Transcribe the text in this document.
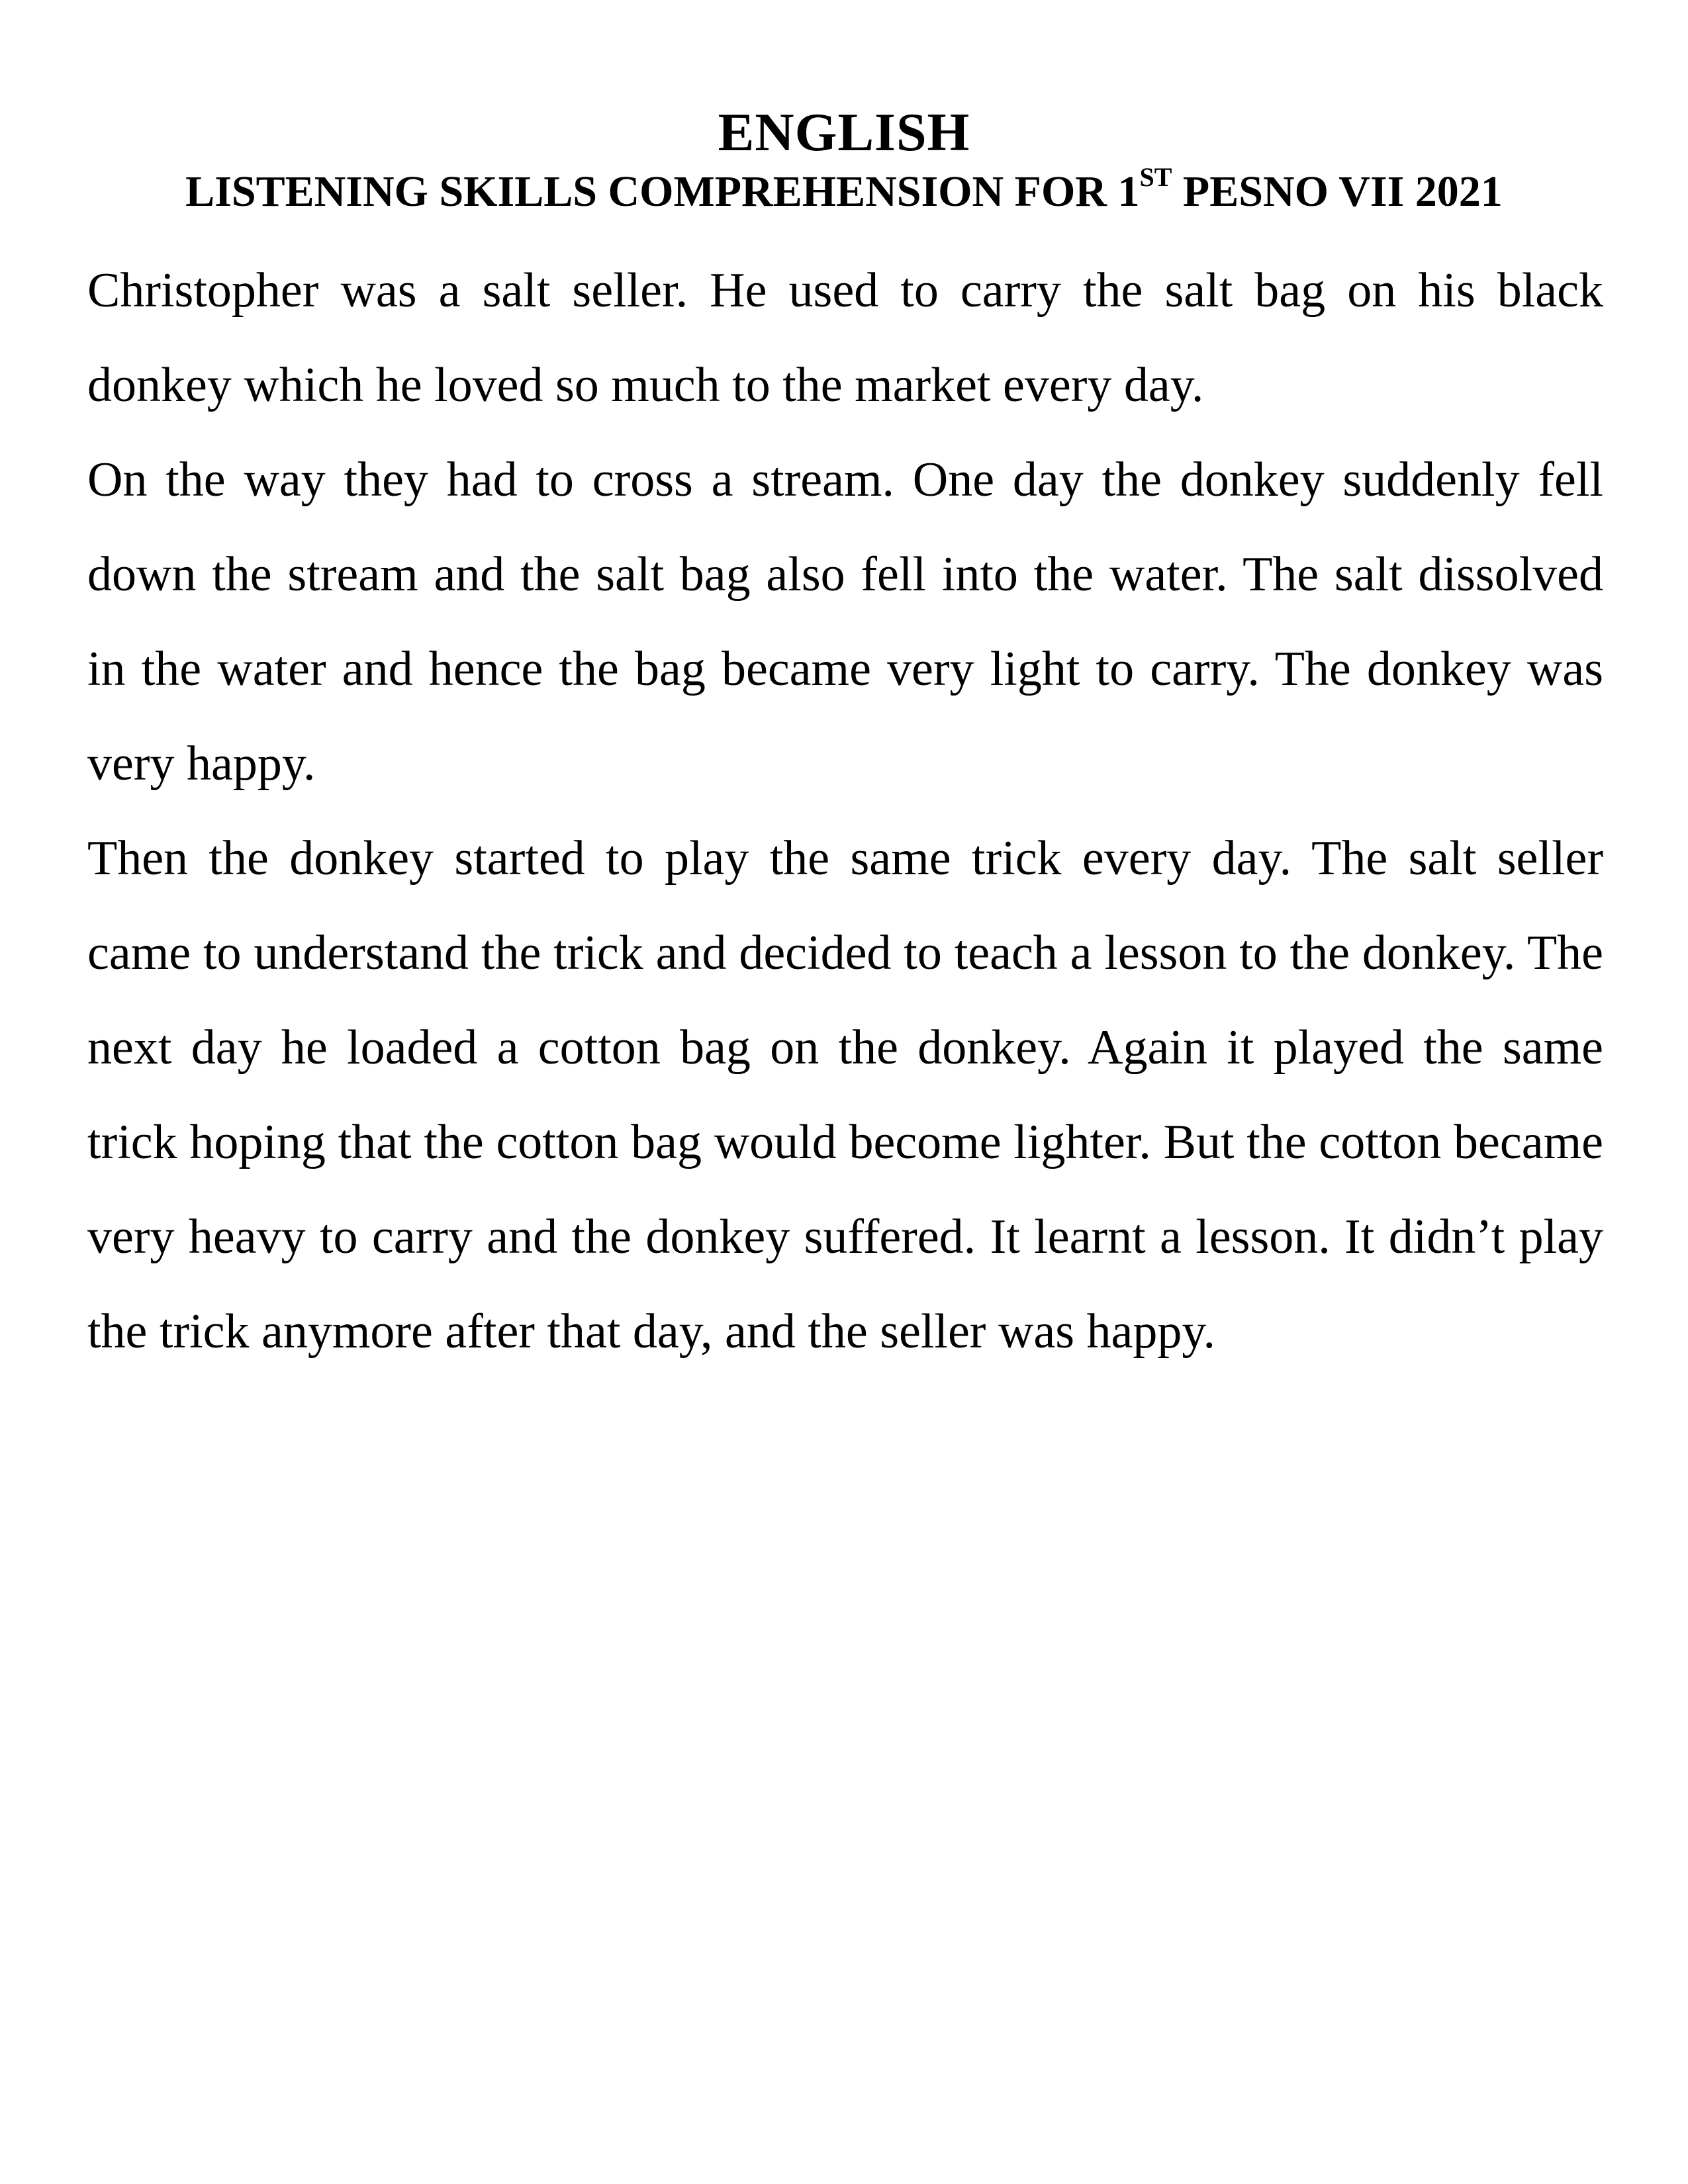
ENGLISH
LISTENING SKILLS COMPREHENSION FOR 1ST PESNO VII 2021

Christopher was a salt seller. He used to carry the salt bag on his black donkey which he loved so much to the market every day.

On the way they had to cross a stream. One day the donkey suddenly fell down the stream and the salt bag also fell into the water. The salt dissolved in the water and hence the bag became very light to carry. The donkey was very happy.

Then the donkey started to play the same trick every day. The salt seller came to understand the trick and decided to teach a lesson to the donkey. The next day he loaded a cotton bag on the donkey. Again it played the same trick hoping that the cotton bag would become lighter. But the cotton became very heavy to carry and the donkey suffered. It learnt a lesson. It didn’t play the trick anymore after that day, and the seller was happy.
